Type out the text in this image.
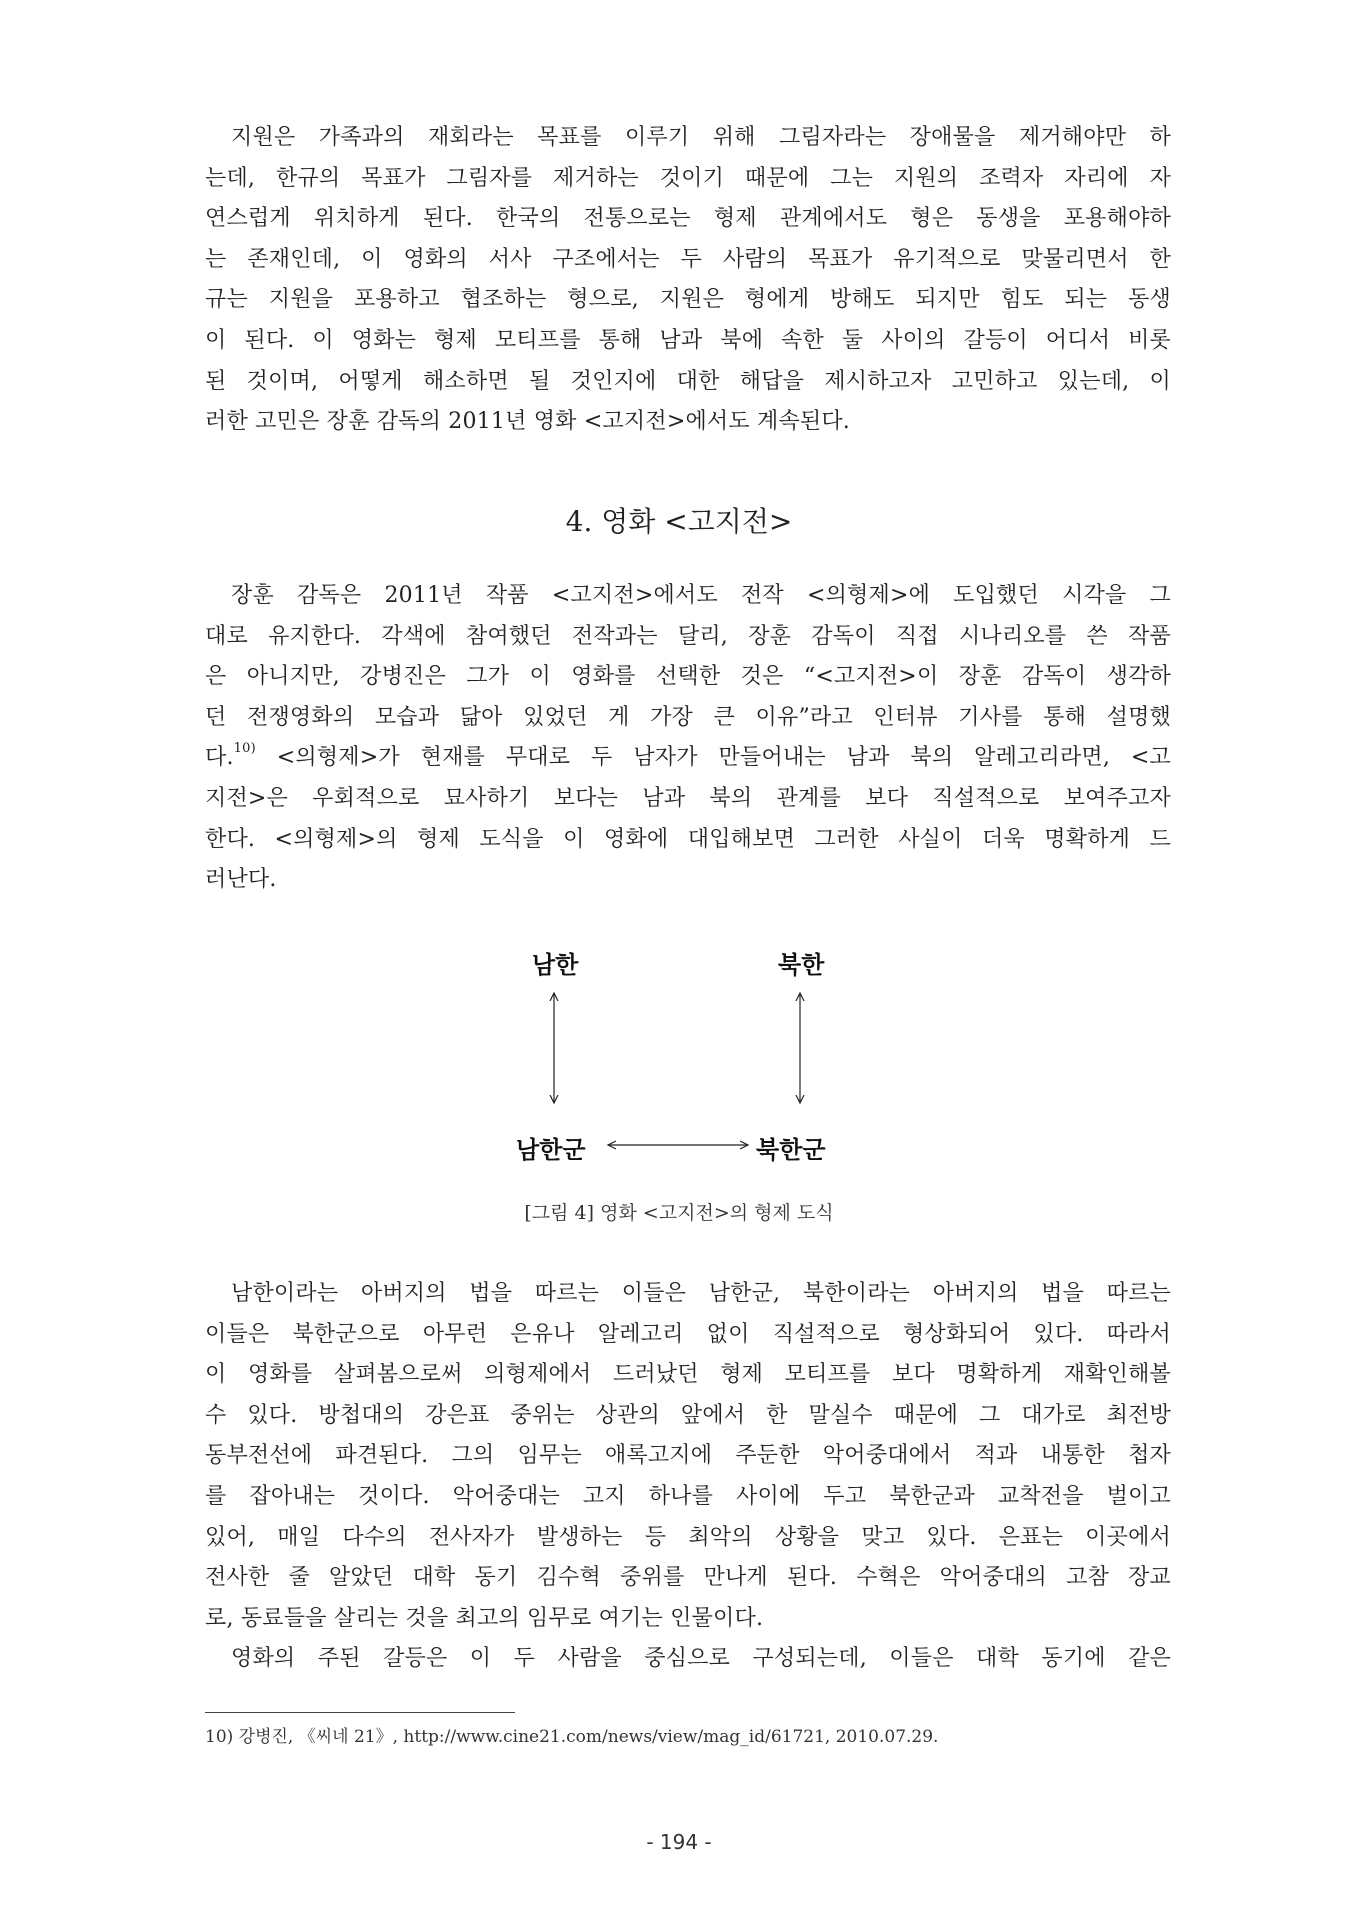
지원은 가족과의 재회라는 목표를 이루기 위해 그림자라는 장애물을 제거해야만 하
는데, 한규의 목표가 그림자를 제거하는 것이기 때문에 그는 지원의 조력자 자리에 자
연스럽게 위치하게 된다. 한국의 전통으로는 형제 관계에서도 형은 동생을 포용해야하
는 존재인데, 이 영화의 서사 구조에서는 두 사람의 목표가 유기적으로 맞물리면서 한
규는 지원을 포용하고 협조하는 형으로, 지원은 형에게 방해도 되지만 힘도 되는 동생
이 된다. 이 영화는 형제 모티프를 통해 남과 북에 속한 둘 사이의 갈등이 어디서 비롯
된 것이며, 어떻게 해소하면 될 것인지에 대한 해답을 제시하고자 고민하고 있는데, 이
러한 고민은 장훈 감독의 2011년 영화 <고지전>에서도 계속된다.
4. 영화 <고지전>
장훈 감독은 2011년 작품 <고지전>에서도 전작 <의형제>에 도입했던 시각을 그
대로 유지한다. 각색에 참여했던 전작과는 달리, 장훈 감독이 직접 시나리오를 쓴 작품
은 아니지만, 강병진은 그가 이 영화를 선택한 것은 “<고지전>이 장훈 감독이 생각하
던 전쟁영화의 모습과 닮아 있었던 게 가장 큰 이유”라고 인터뷰 기사를 통해 설명했
다.$^{10)}$ <의형제>가 현재를 무대로 두 남자가 만들어내는 남과 북의 알레고리라면, <고
지전>은 우회적으로 묘사하기 보다는 남과 북의 관계를 보다 직설적으로 보여주고자
한다. <의형제>의 형제 도식을 이 영화에 대입해보면 그러한 사실이 더욱 명확하게 드
러난다.
남한	북한
남한군	북한군
[그림 4] 영화 <고지전>의 형제 도식
남한이라는 아버지의 법을 따르는 이들은 남한군, 북한이라는 아버지의 법을 따르는
이들은 북한군으로 아무런 은유나 알레고리 없이 직설적으로 형상화되어 있다. 따라서
이 영화를 살펴봄으로써 의형제에서 드러났던 형제 모티프를 보다 명확하게 재확인해볼
수 있다. 방첩대의 강은표 중위는 상관의 앞에서 한 말실수 때문에 그 대가로 최전방
동부전선에 파견된다. 그의 임무는 애록고지에 주둔한 악어중대에서 적과 내통한 첩자
를 잡아내는 것이다. 악어중대는 고지 하나를 사이에 두고 북한군과 교착전을 벌이고
있어, 매일 다수의 전사자가 발생하는 등 최악의 상황을 맞고 있다. 은표는 이곳에서
전사한 줄 알았던 대학 동기 김수혁 중위를 만나게 된다. 수혁은 악어중대의 고참 장교
로, 동료들을 살리는 것을 최고의 임무로 여기는 인물이다.
영화의 주된 갈등은 이 두 사람을 중심으로 구성되는데, 이들은 대학 동기에 같은
10) 강병진, 《씨네 21》, http://www.cine21.com/news/view/mag_id/61721, 2010.07.29.
- 194 -
